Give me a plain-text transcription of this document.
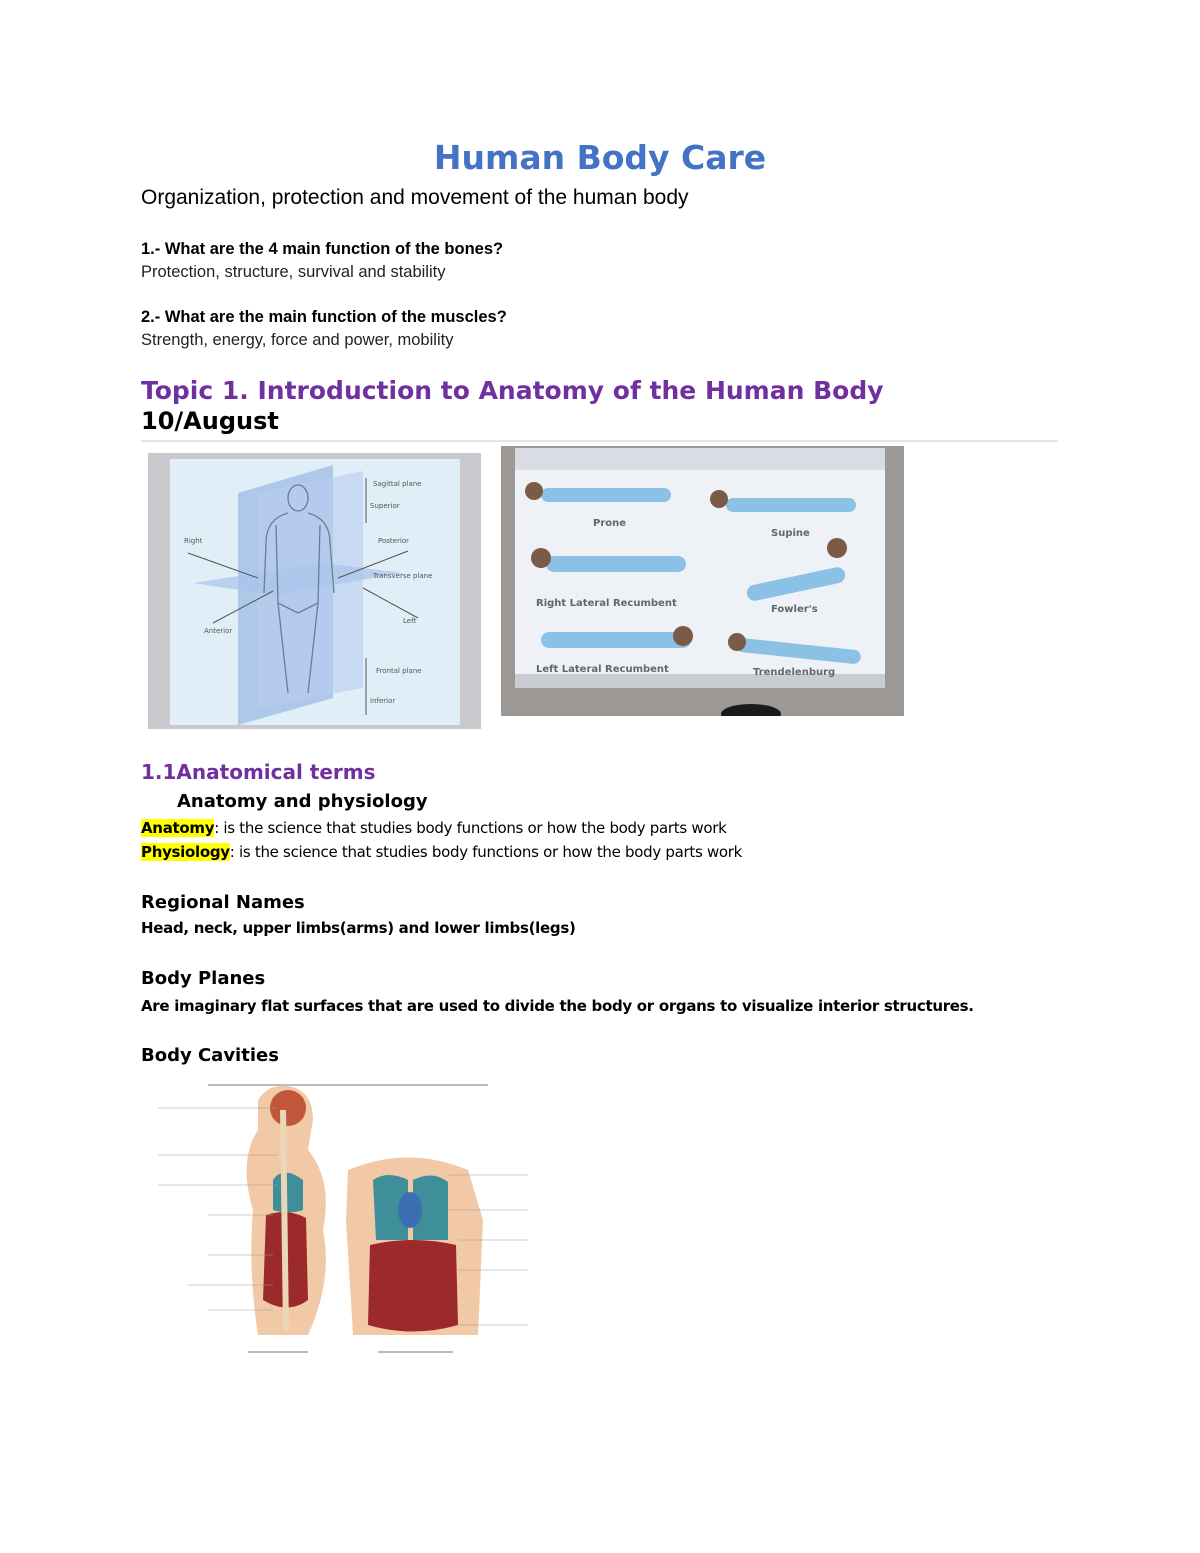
Human Body Care
Organization, protection and movement of the human body
1.- What are the 4 main function of the bones?
Protection, structure, survival and stability
2.- What are the main function of the muscles?
Strength, energy, force and power, mobility
Topic 1. Introduction to Anatomy of the Human Body
10/August
Sagittal plane
Superior
Right	Posterior
Transverse plane
Anterior
Left
Frontal plane
Inferior
Prone
Supine
Right Lateral Recumbent
Fowler's
Left Lateral Recumbent	Trendelenburg
1.1Anatomical terms
Anatomy and physiology
Anatomy: is the science that studies body functions or how the body parts work
Physiology: is the science that studies body functions or how the body parts work
Regional Names
Head, neck, upper limbs(arms) and lower limbs(legs)
Body Planes
Are imaginary flat surfaces that are used to divide the body or organs to visualize interior structures.
Body Cavities
